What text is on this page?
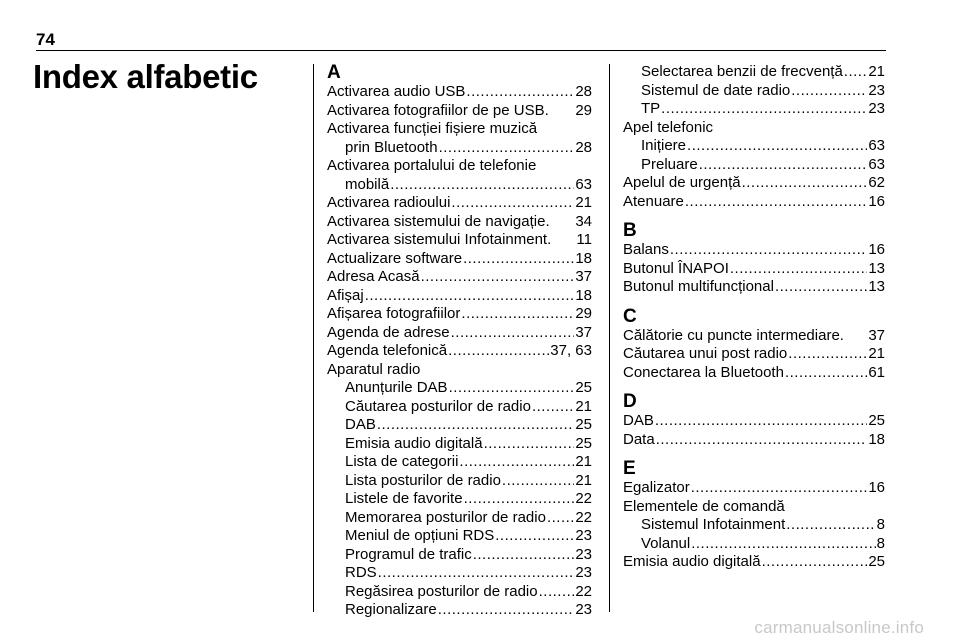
74
Index alfabetic	A
Activarea audio USB .....	28
Activarea fotografiilor de pe USB. 29
Activarea funcției fișiere muzică
prin Bluetooth .....	28
Activarea portalului de telefonie
mobilă .....	63
Activarea radioului .....	21
Activarea sistemului de navigație. 34
Activarea sistemului Infotainment. 11
Actualizare software .....	18
Adresa Acasă .....	37
Afișaj .....	18
Afișarea fotografiilor .....	29
Agenda de adrese .....	37
Agenda telefonică .....	37, 63
Aparatul radio
Anunțurile DAB .....	25
Căutarea posturilor de radio .....	21
DAB .....	25
Emisia audio digitală .....	25
Lista de categorii .....	21
Lista posturilor de radio .....	21
Listele de favorite .....	22
Memorarea posturilor de radio ..... 22
Meniul de opțiuni RDS .....	23
Programul de trafic .....	23
RDS .....	23
Regăsirea posturilor de radio .....	22
Regionalizare .....	23
Selectarea benzii de frecvență ..... 21
Sistemul de date radio .....	23
TP .....	23
Apel telefonic
Inițiere .....	63
Preluare .....	63
Apelul de urgență .....	62
Atenuare .....	16
B
Balans .....	16
Butonul ÎNAPOI .....	13
Butonul multifuncțional .....	13
C
Călătorie cu puncte intermediare. 37
Căutarea unui post radio .....	21
Conectarea la Bluetooth .....	61
D
DAB .....	25
Data .....	18
E
Egalizator .....	16
Elementele de comandă
Sistemul Infotainment .....	8
Volanul .....	8
Emisia audio digitală .....	25
carmanualsonline.info
